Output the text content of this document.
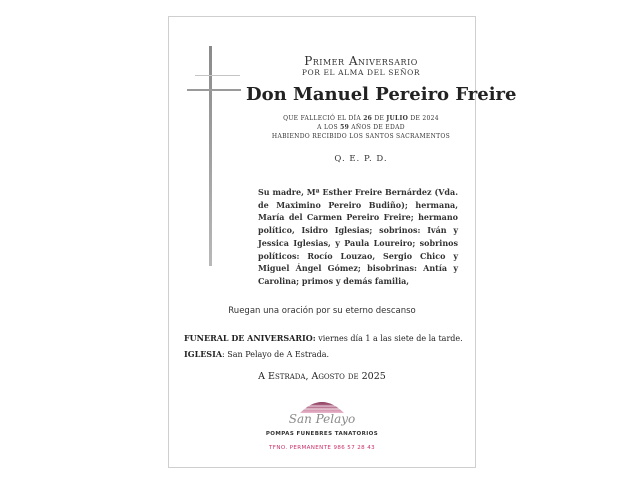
Primer Aniversario
POR EL ALMA DEL SEÑOR
Don Manuel Pereiro Freire
QUE FALLECIÓ EL DÍA 26 DE JULIO DE 2024
A LOS 59 AÑOS DE EDAD
HABIENDO RECIBIDO LOS SANTOS SACRAMENTOS
Q. E. P. D.
Su madre, Mª Esther Freire Bernárdez (Vda. de Maximino Pereiro Budiño); hermana, María del Carmen Pereiro Freire; hermano político, Isidro Iglesias; sobrinos: Iván y Jessica Iglesias, y Paula Loureiro; sobrinos políticos: Rocío Louzao, Sergio Chico y Miguel Ángel Gómez; bisobrinas: Antía y Carolina; primos y demás familia,
Ruegan una oración por su eterno descanso
FUNERAL DE ANIVERSARIO: viernes día 1 a las siete de la tarde.
IGLESIA: San Pelayo de A Estrada.
A Estrada, Agosto de 2025
San Pelayo
POMPAS FUNEBRES TANATORIOS
TFNO. PERMANENTE 986 57 28 43
